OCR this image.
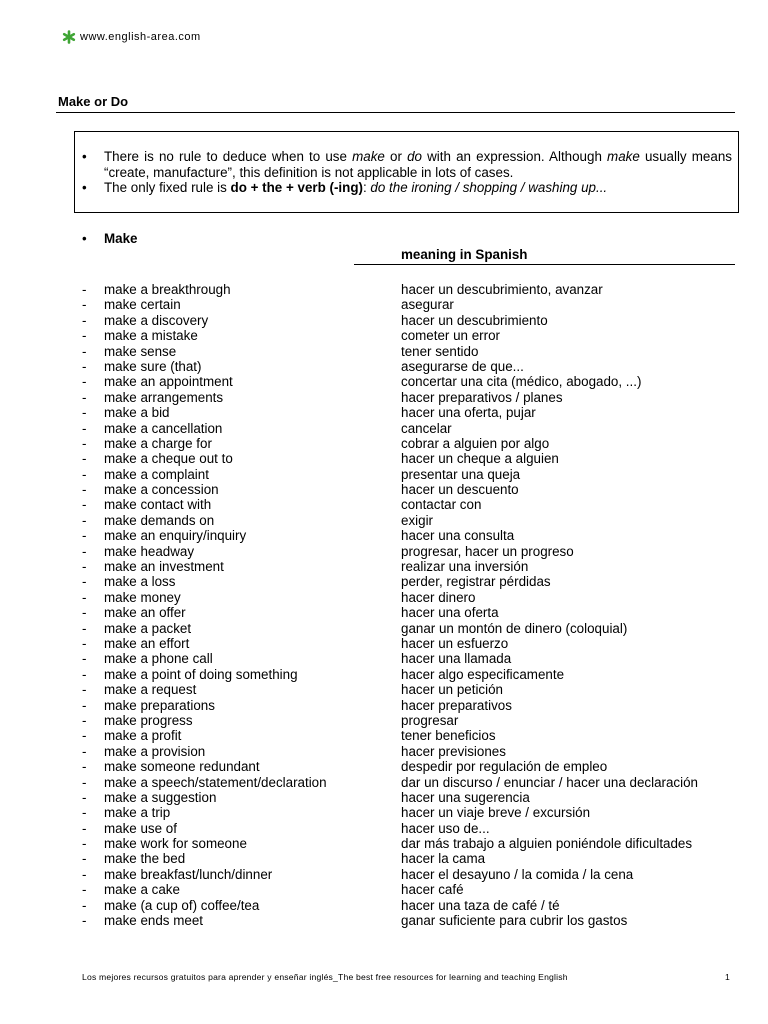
www.english-area.com
Make or Do
• There is no rule to deduce when to use make or do with an expression. Although make usually means “create, manufacture”, this definition is not applicable in lots of cases.
• The only fixed rule is do + the + verb (-ing): do the ironing / shopping / washing up...
• Make
meaning in Spanish
- make a breakthrough	hacer un descubrimiento, avanzar
- make certain	asegurar
- make a discovery	hacer un descubrimiento
- make a mistake	cometer un error
- make sense	tener sentido
- make sure (that)	asegurarse de que...
- make an appointment	concertar una cita (médico, abogado, ...)
- make arrangements	hacer preparativos / planes
- make a bid	hacer una oferta, pujar
- make a cancellation	cancelar
- make a charge for	cobrar a alguien por algo
- make a cheque out to	hacer un cheque a alguien
- make a complaint	presentar una queja
- make a concession	hacer un descuento
- make contact with	contactar con
- make demands on	exigir
- make an enquiry/inquiry	hacer una consulta
- make headway	progresar, hacer un progreso
- make an investment	realizar una inversión
- make a loss	perder, registrar pérdidas
- make money	hacer dinero
- make an offer	hacer una oferta
- make a packet	ganar un montón de dinero (coloquial)
- make an effort	hacer un esfuerzo
- make a phone call	hacer una llamada
- make a point of doing something	hacer algo especificamente
- make a request	hacer un petición
- make preparations	hacer preparativos
- make progress	progresar
- make a profit	tener beneficios
- make a provision	hacer previsiones
- make someone redundant	despedir por regulación de empleo
- make a speech/statement/declaration	dar un discurso / enunciar / hacer una declaración
- make a suggestion	hacer una sugerencia
- make a trip	hacer un viaje breve / excursión
- make use of	hacer uso de...
- make work for someone	dar más trabajo a alguien poniéndole dificultades
- make the bed	hacer la cama
- make breakfast/lunch/dinner	hacer el desayuno / la comida / la cena
- make a cake	hacer café
- make (a cup of) coffee/tea	hacer una taza de café / té
- make ends meet	ganar suficiente para cubrir los gastos
Los mejores recursos gratuitos para aprender y enseñar inglés_The best free resources for learning and teaching English	1
